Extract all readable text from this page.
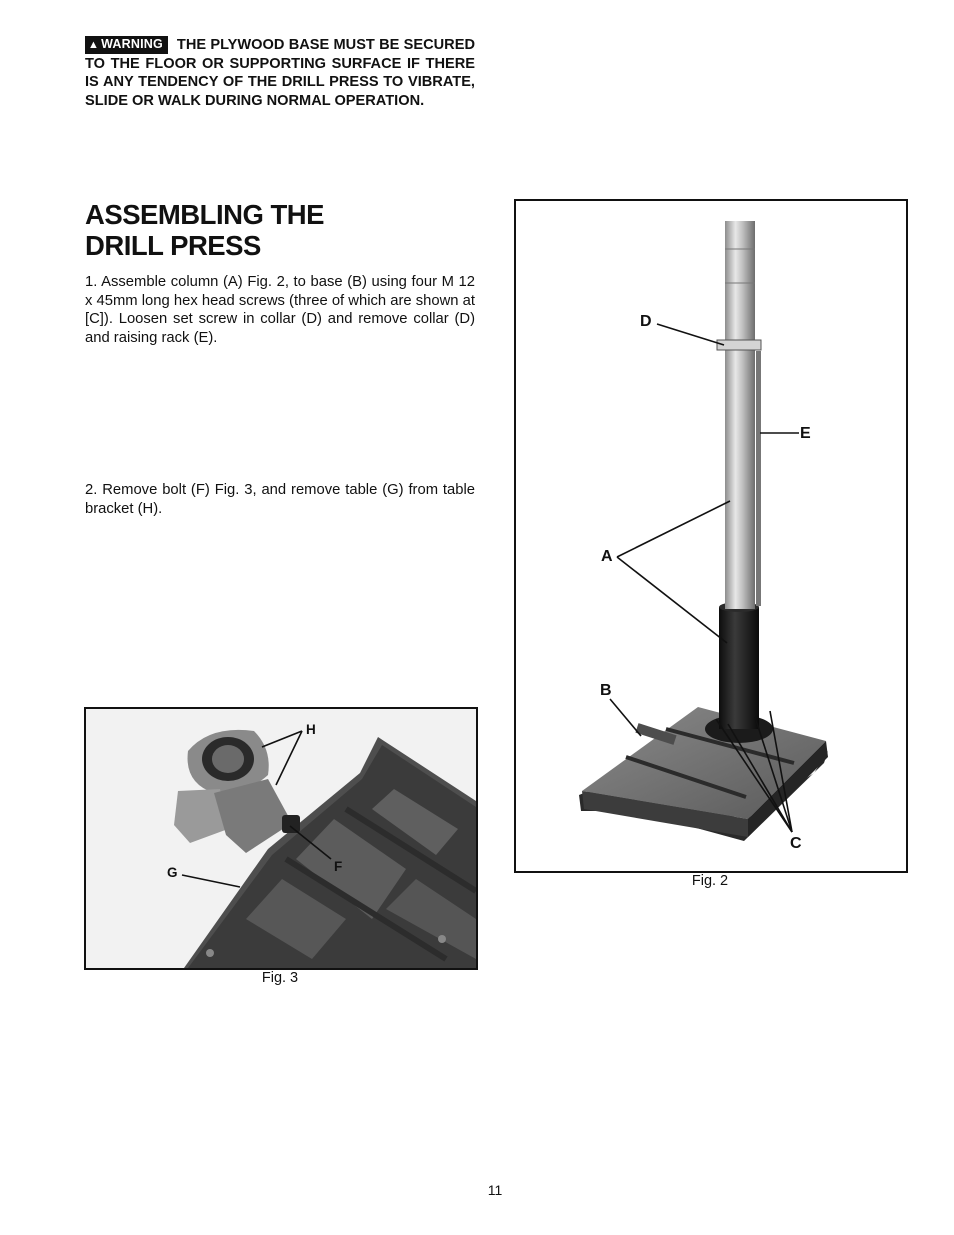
▲ WARNING THE PLYWOOD BASE MUST BE SECURED TO THE FLOOR OR SUPPORTING SURFACE IF THERE IS ANY TENDENCY OF THE DRILL PRESS TO VIBRATE, SLIDE OR WALK DURING NORMAL OPERATION.

ASSEMBLING THE
DRILL PRESS

1. Assemble column (A) Fig. 2, to base (B) using four M 12 x 45mm long hex head screws (three of which are shown at [C]). Loosen set screw in collar (D) and remove collar (D) and raising rack (E).

2. Remove bolt (F) Fig. 3, and remove table (G) from table bracket (H).

D
E
A
B
C
Fig. 2
H
F
G
Fig. 3
11
